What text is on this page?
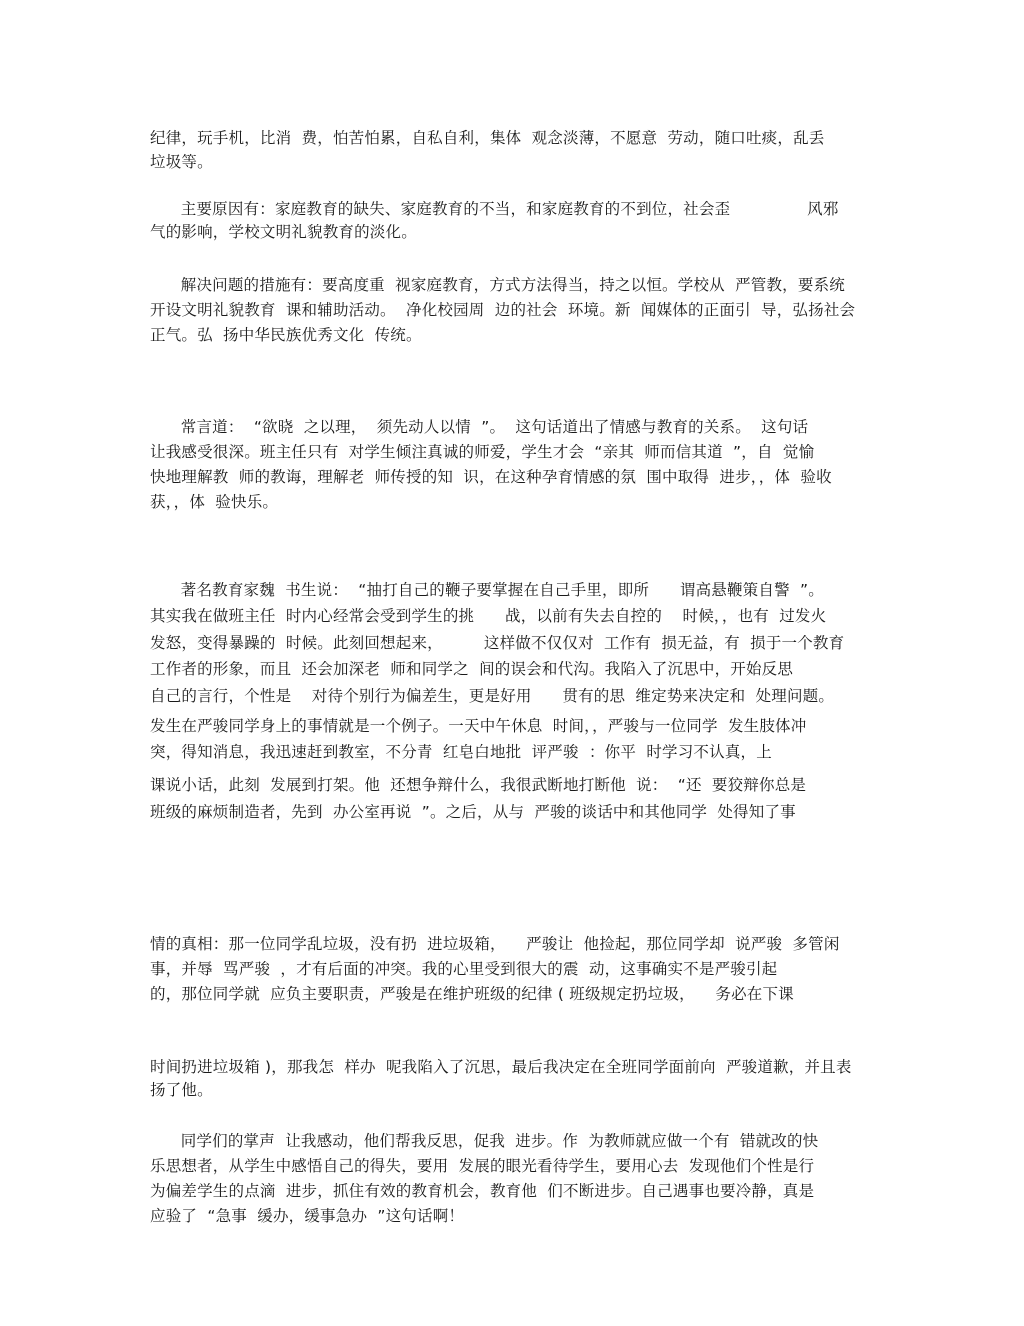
纪律，玩手机，比消  费，怕苦怕累，自私自利，集体  观念淡薄，不愿意  劳动，随口吐痰，乱丢
垃圾等。
主要原因有：家庭教育的缺失、家庭教育的不当，和家庭教育的不到位，社会歪               风邪
气的影响，学校文明礼貌教育的淡化。
解决问题的措施有：要高度重  视家庭教育，方式方法得当，持之以恒。学校从  严管教，要系统
开设文明礼貌教育  课和辅助活动。  净化校园周  边的社会  环境。新  闻媒体的正面引  导，弘扬社会
正气。弘  扬中华民族优秀文化  传统。
常言道：  “欲晓  之以理，  须先动人以情  ”。  这句话道出了情感与教育的关系。  这句话
让我感受很深。班主任只有  对学生倾注真诚的师爱，学生才会  “亲其  师而信其道  ”，自  觉愉
快地理解教  师的教诲，理解老  师传授的知  识，在这种孕育情感的氛  围中取得  进步，，体  验收
获，，体  验快乐。
著名教育家魏  书生说：  “抽打自己的鞭子要掌握在自己手里，即所      谓高悬鞭策自警  ”。
其实我在做班主任  时内心经常会受到学生的挑      战，以前有失去自控的    时候，，也有  过发火
发怒，变得暴躁的  时候。此刻回想起来，        这样做不仅仅对  工作有  损无益，有  损于一个教育
工作者的形象，而且  还会加深老  师和同学之  间的误会和代沟。我陷入了沉思中，开始反思
自己的言行，个性是    对待个别行为偏差生，更是好用      贯有的思  维定势来决定和  处理问题。
发生在严骏同学身上的事情就是一个例子。一天中午休息  时间，，严骏与一位同学  发生肢体冲
突，得知消息，我迅速赶到教室，不分青  红皂白地批  评严骏  ：你平  时学习不认真，上
课说小话，此刻  发展到打架。他  还想争辩什么，我很武断地打断他  说：  “还  要狡辩你总是
班级的麻烦制造者，先到  办公室再说  ”。之后，从与  严骏的谈话中和其他同学  处得知了事
情的真相：那一位同学乱垃圾，没有扔  进垃圾箱，    严骏让  他捡起，那位同学却  说严骏  多管闲
事，并辱  骂严骏  ，才有后面的冲突。我的心里受到很大的震  动，这事确实不是严骏引起
的，那位同学就  应负主要职责，严骏是在维护班级的纪律 ( 班级规定扔垃圾，    务必在下课
时间扔进垃圾箱 )，那我怎  样办  呢我陷入了沉思，最后我决定在全班同学面前向  严骏道歉，并且表
扬了他。
同学们的掌声  让我感动，他们帮我反思，促我  进步。作  为教师就应做一个有  错就改的快
乐思想者，从学生中感悟自己的得失，要用  发展的眼光看待学生，要用心去  发现他们个性是行
为偏差学生的点滴  进步，抓住有效的教育机会，教育他  们不断进步。自己遇事也要冷静，真是
应验了  “急事  缓办，缓事急办  ”这句话啊！
